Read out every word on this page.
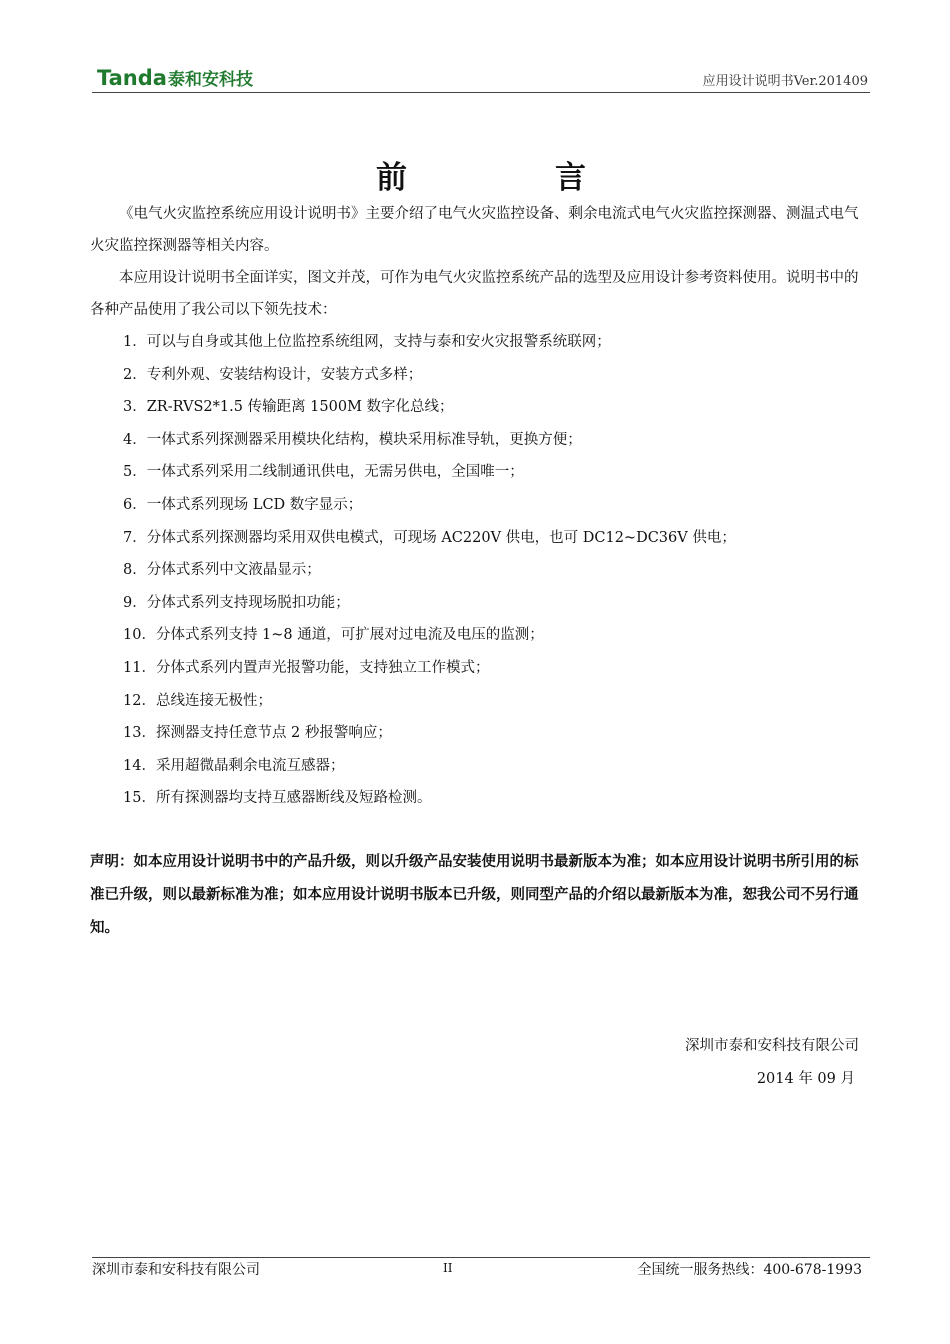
Tanda泰和安科技	应用设计说明书Ver.201409
前	言

《电气火灾监控系统应用设计说明书》主要介绍了电气火灾监控设备、剩余电流式电气火灾监控探测器、测温式电气火灾监控探测器等相关内容。

本应用设计说明书全面详实，图文并茂，可作为电气火灾监控系统产品的选型及应用设计参考资料使用。说明书中的各种产品使用了我公司以下领先技术：

1．可以与自身或其他上位监控系统组网，支持与泰和安火灾报警系统联网；
2．专利外观、安装结构设计，安装方式多样；
3．ZR-RVS2*1.5 传输距离 1500M 数字化总线；
4．一体式系列探测器采用模块化结构，模块采用标准导轨，更换方便；
5．一体式系列采用二线制通讯供电，无需另供电，全国唯一；
6．一体式系列现场 LCD 数字显示；
7．分体式系列探测器均采用双供电模式，可现场 AC220V 供电，也可 DC12~DC36V 供电；
8．分体式系列中文液晶显示；
9．分体式系列支持现场脱扣功能；
10．分体式系列支持 1~8 通道，可扩展对过电流及电压的监测；
11．分体式系列内置声光报警功能，支持独立工作模式；
12．总线连接无极性；
13．探测器支持任意节点 2 秒报警响应；
14．采用超微晶剩余电流互感器；
15．所有探测器均支持互感器断线及短路检测。

声明：如本应用设计说明书中的产品升级，则以升级产品安装使用说明书最新版本为准；如本应用设计说明书所引用的标准已升级，则以最新标准为准；如本应用设计说明书版本已升级，则同型产品的介绍以最新版本为准，恕我公司不另行通知。

深圳市泰和安科技有限公司
2014 年 09 月
深圳市泰和安科技有限公司	II	全国统一服务热线：400-678-1993
